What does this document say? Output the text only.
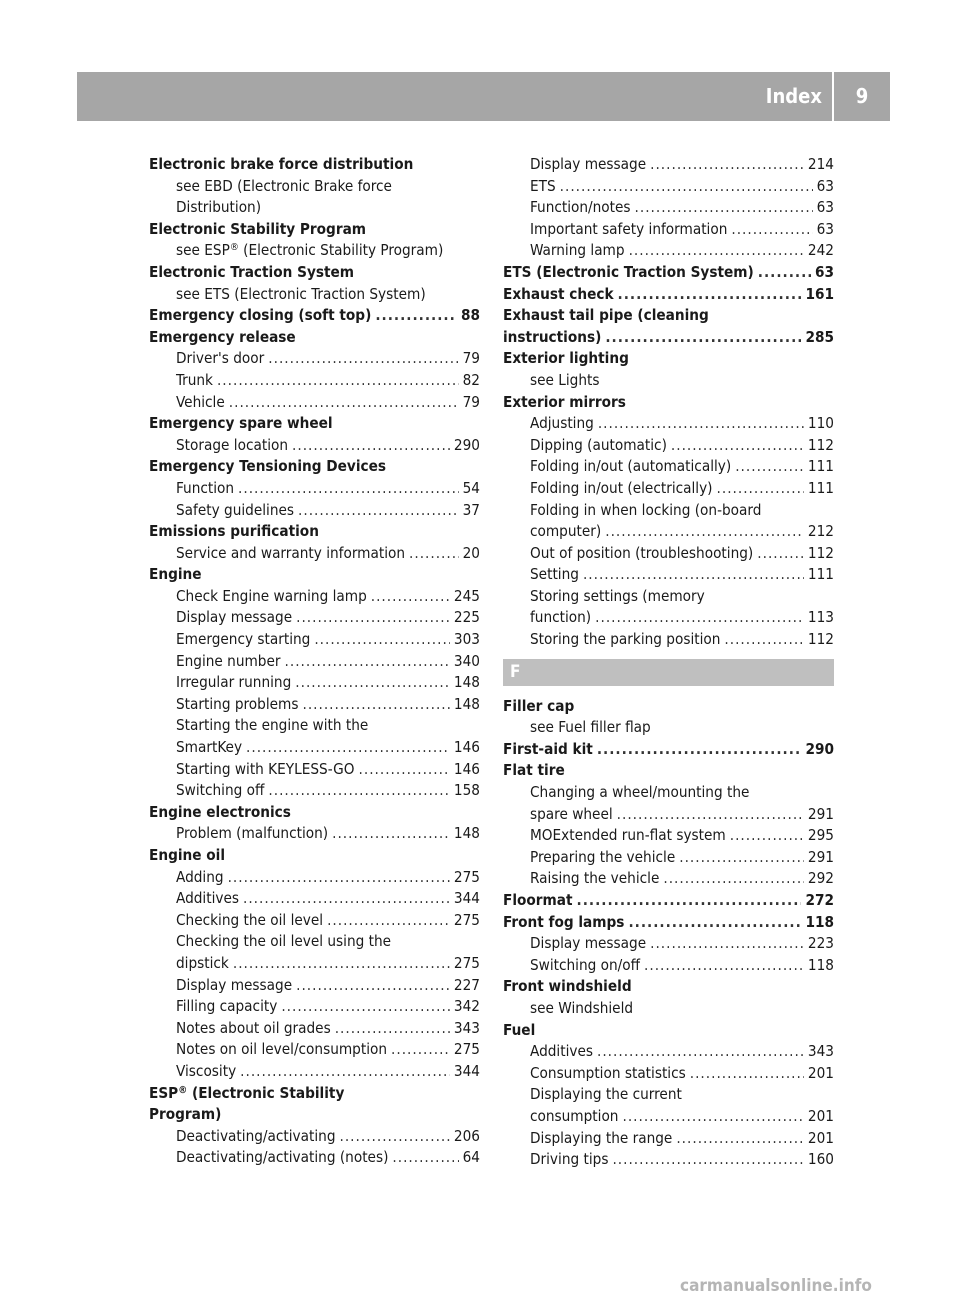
Index	9
Electronic brake force distribution
see EBD (Electronic Brake force
Distribution)
Electronic Stability Program
see ESP® (Electronic Stability Program)
Electronic Traction System
see ETS (Electronic Traction System)
Emergency closing (soft top) .....	88
Emergency release
Driver's door .....	79
Trunk .....	82
Vehicle .....	79
Emergency spare wheel
Storage location .....	290
Emergency Tensioning Devices
Function .....	54
Safety guidelines .....	37
Emissions purification
Service and warranty information .....	20
Engine
Check Engine warning lamp .....	245
Display message .....	225
Emergency starting .....	303
Engine number .....	340
Irregular running .....	148
Starting problems .....	148
Starting the engine with the
SmartKey .....	146
Starting with KEYLESS-GO .....	146
Switching off .....	158
Engine electronics
Problem (malfunction) .....	148
Engine oil
Adding .....	275
Additives .....	344
Checking the oil level .....	275
Checking the oil level using the
dipstick .....	275
Display message .....	227
Filling capacity .....	342
Notes about oil grades .....	343
Notes on oil level/consumption .....	275
Viscosity .....	344
ESP® (Electronic Stability
Program)
Deactivating/activating .....	206
Deactivating/activating (notes) .....	64
Display message .....	214
ETS .....	63
Function/notes .....	63
Important safety information .....	63
Warning lamp .....	242
ETS (Electronic Traction System) .....	63
Exhaust check .....	161
Exhaust tail pipe (cleaning
instructions) .....	285
Exterior lighting
see Lights
Exterior mirrors
Adjusting .....	110
Dipping (automatic) .....	112
Folding in/out (automatically) .....	111
Folding in/out (electrically) .....	111
Folding in when locking (on-board
computer) .....	212
Out of position (troubleshooting) .....	112
Setting .....	111
Storing settings (memory
function) .....	113
Storing the parking position .....	112
F
Filler cap
see Fuel filler flap
First-aid kit .....	290
Flat tire
Changing a wheel/mounting the
spare wheel .....	291
MOExtended run-flat system .....	295
Preparing the vehicle .....	291
Raising the vehicle .....	292
Floormat .....	272
Front fog lamps .....	118
Display message .....	223
Switching on/off .....	118
Front windshield
see Windshield
Fuel
Additives .....	343
Consumption statistics .....	201
Displaying the current
consumption .....	201
Displaying the range .....	201
Driving tips .....	160
carmanualsonline.info
